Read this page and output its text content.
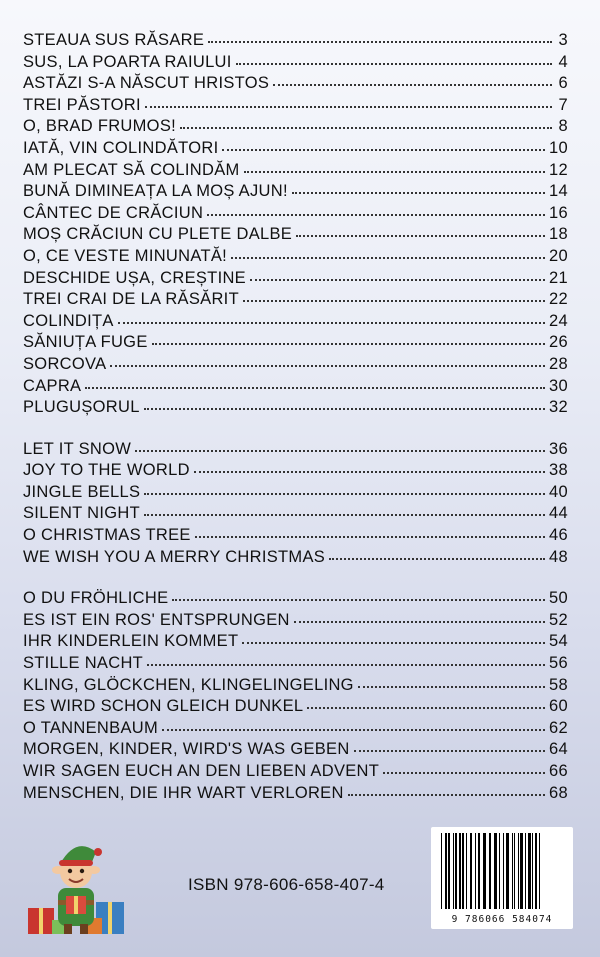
STEAUA SUS RĂSARE	3
SUS, LA POARTA RAIULUI	4
ASTĂZI S-A NĂSCUT HRISTOS	6
TREI PĂSTORI	7
O, BRAD FRUMOS!	8
IATĂ, VIN COLINDĂTORI	10
AM PLECAT SĂ COLINDĂM	12
BUNĂ DIMINEAȚA LA MOȘ AJUN!	14
CÂNTEC DE CRĂCIUN	16
MOȘ CRĂCIUN CU PLETE DALBE	18
O, CE VESTE MINUNATĂ!	20
DESCHIDE UȘA, CREȘTINE	21
TREI CRAI DE LA RĂSĂRIT	22
COLINDIȚA	24
SĂNIUȚA FUGE	26
SORCOVA	28
CAPRA	30
PLUGUȘORUL	32
LET IT SNOW	36
JOY TO THE WORLD	38
JINGLE BELLS	40
SILENT NIGHT	44
O CHRISTMAS TREE	46
WE WISH YOU A MERRY CHRISTMAS	48
O DU FRÖHLICHE	50
ES IST EIN ROS' ENTSPRUNGEN	52
IHR KINDERLEIN KOMMET	54
STILLE NACHT	56
KLING, GLÖCKCHEN, KLINGELINGELING	58
ES WIRD SCHON GLEICH DUNKEL	60
O TANNENBAUM	62
MORGEN, KINDER, WIRD'S WAS GEBEN	64
WIR SAGEN EUCH AN DEN LIEBEN ADVENT	66
MENSCHEN, DIE IHR WART VERLOREN	68
ISBN 978-606-658-407-4
9 786066 584074
